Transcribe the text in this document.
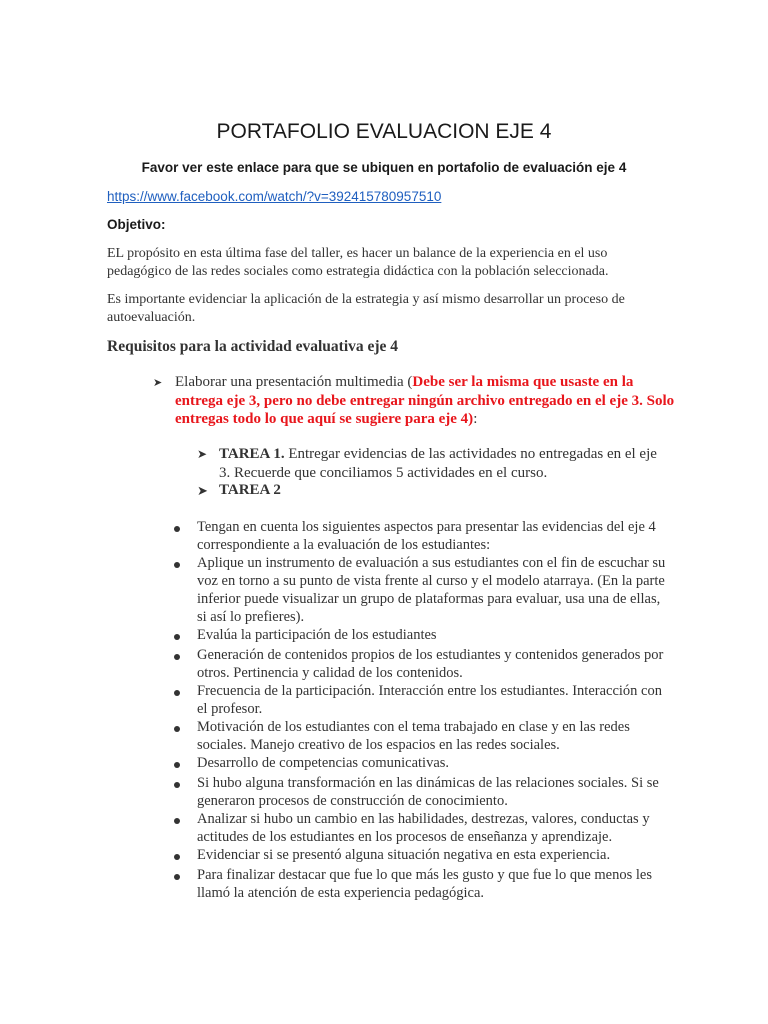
PORTAFOLIO EVALUACION EJE 4
Favor ver este enlace para que se ubiquen en portafolio de evaluación eje 4
https://www.facebook.com/watch/?v=392415780957510
Objetivo:

EL propósito en esta última fase del taller, es hacer un balance de la experiencia en el uso pedagógico de las redes sociales como estrategia didáctica con la población seleccionada.

Es importante evidenciar la aplicación de la estrategia y así mismo desarrollar un proceso de autoevaluación.

Requisitos para la actividad evaluativa eje 4
➤ Elaborar una presentación multimedia (Debe ser la misma que usaste en la entrega eje 3, pero no debe entregar ningún archivo entregado en el eje 3. Solo entregas todo lo que aquí se sugiere para eje 4):
➤ TAREA 1. Entregar evidencias de las actividades no entregadas en el eje 3. Recuerde que conciliamos 5 actividades en el curso.
➤ TAREA 2
Tengan en cuenta los siguientes aspectos para presentar las evidencias del eje 4 correspondiente a la evaluación de los estudiantes:
Aplique un instrumento de evaluación a sus estudiantes con el fin de escuchar su voz en torno a su punto de vista frente al curso y el modelo atarraya. (En la parte inferior puede visualizar un grupo de plataformas para evaluar, usa una de ellas, si así lo prefieres).
Evalúa la participación de los estudiantes
Generación de contenidos propios de los estudiantes y contenidos generados por otros. Pertinencia y calidad de los contenidos.
Frecuencia de la participación. Interacción entre los estudiantes. Interacción con el profesor.
Motivación de los estudiantes con el tema trabajado en clase y en las redes sociales. Manejo creativo de los espacios en las redes sociales.
Desarrollo de competencias comunicativas.
Si hubo alguna transformación en las dinámicas de las relaciones sociales. Si se generaron procesos de construcción de conocimiento.
Analizar si hubo un cambio en las habilidades, destrezas, valores, conductas y actitudes de los estudiantes en los procesos de enseñanza y aprendizaje.
Evidenciar si se presentó alguna situación negativa en esta experiencia.
Para finalizar destacar que fue lo que más les gusto y que fue lo que menos les llamó la atención de esta experiencia pedagógica.
